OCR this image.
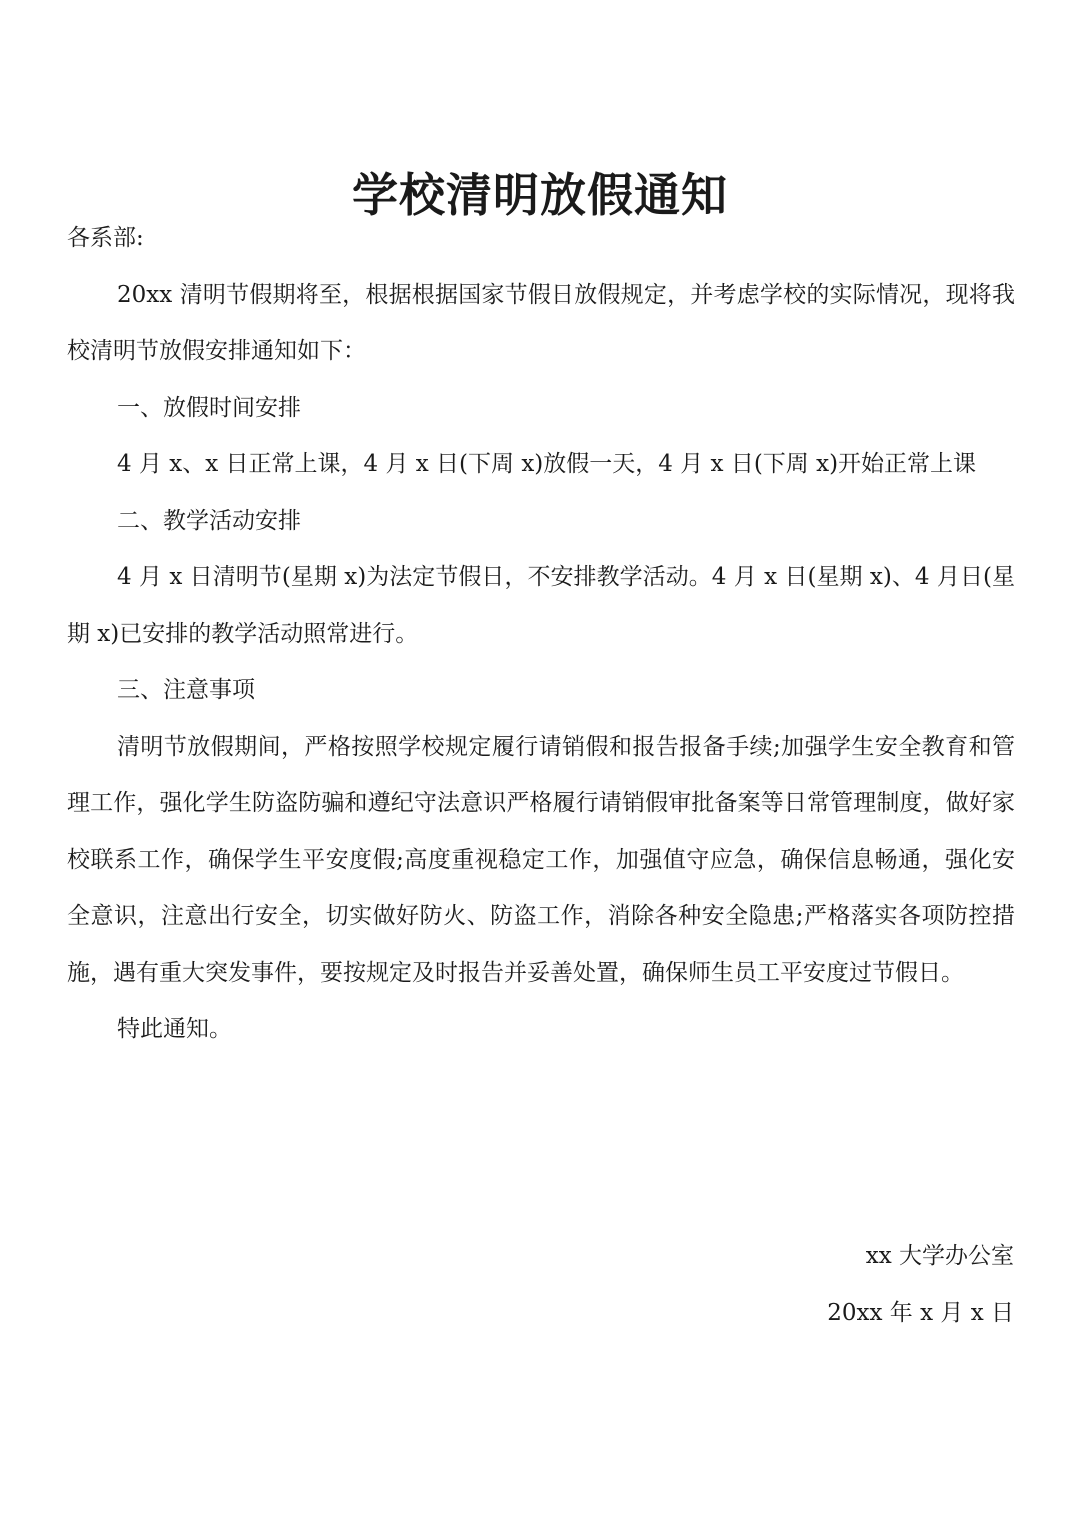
学校清明放假通知

各系部:

20xx 清明节假期将至，根据根据国家节假日放假规定，并考虑学校的实际情况，现将我校清明节放假安排通知如下：

一、放假时间安排

4 月 x、x 日正常上课，4 月 x 日(下周 x)放假一天，4 月 x 日(下周 x)开始正常上课

二、教学活动安排

4 月 x 日清明节(星期 x)为法定节假日，不安排教学活动。4 月 x 日(星期 x)、4 月日(星期 x)已安排的教学活动照常进行。

三、注意事项

清明节放假期间，严格按照学校规定履行请销假和报告报备手续;加强学生安全教育和管理工作，强化学生防盗防骗和遵纪守法意识严格履行请销假审批备案等日常管理制度，做好家校联系工作，确保学生平安度假;高度重视稳定工作，加强值守应急，确保信息畅通，强化安全意识，注意出行安全，切实做好防火、防盗工作，消除各种安全隐患;严格落实各项防控措施，遇有重大突发事件，要按规定及时报告并妥善处置，确保师生员工平安度过节假日。

特此通知。

xx 大学办公室

20xx 年 x 月 x 日
